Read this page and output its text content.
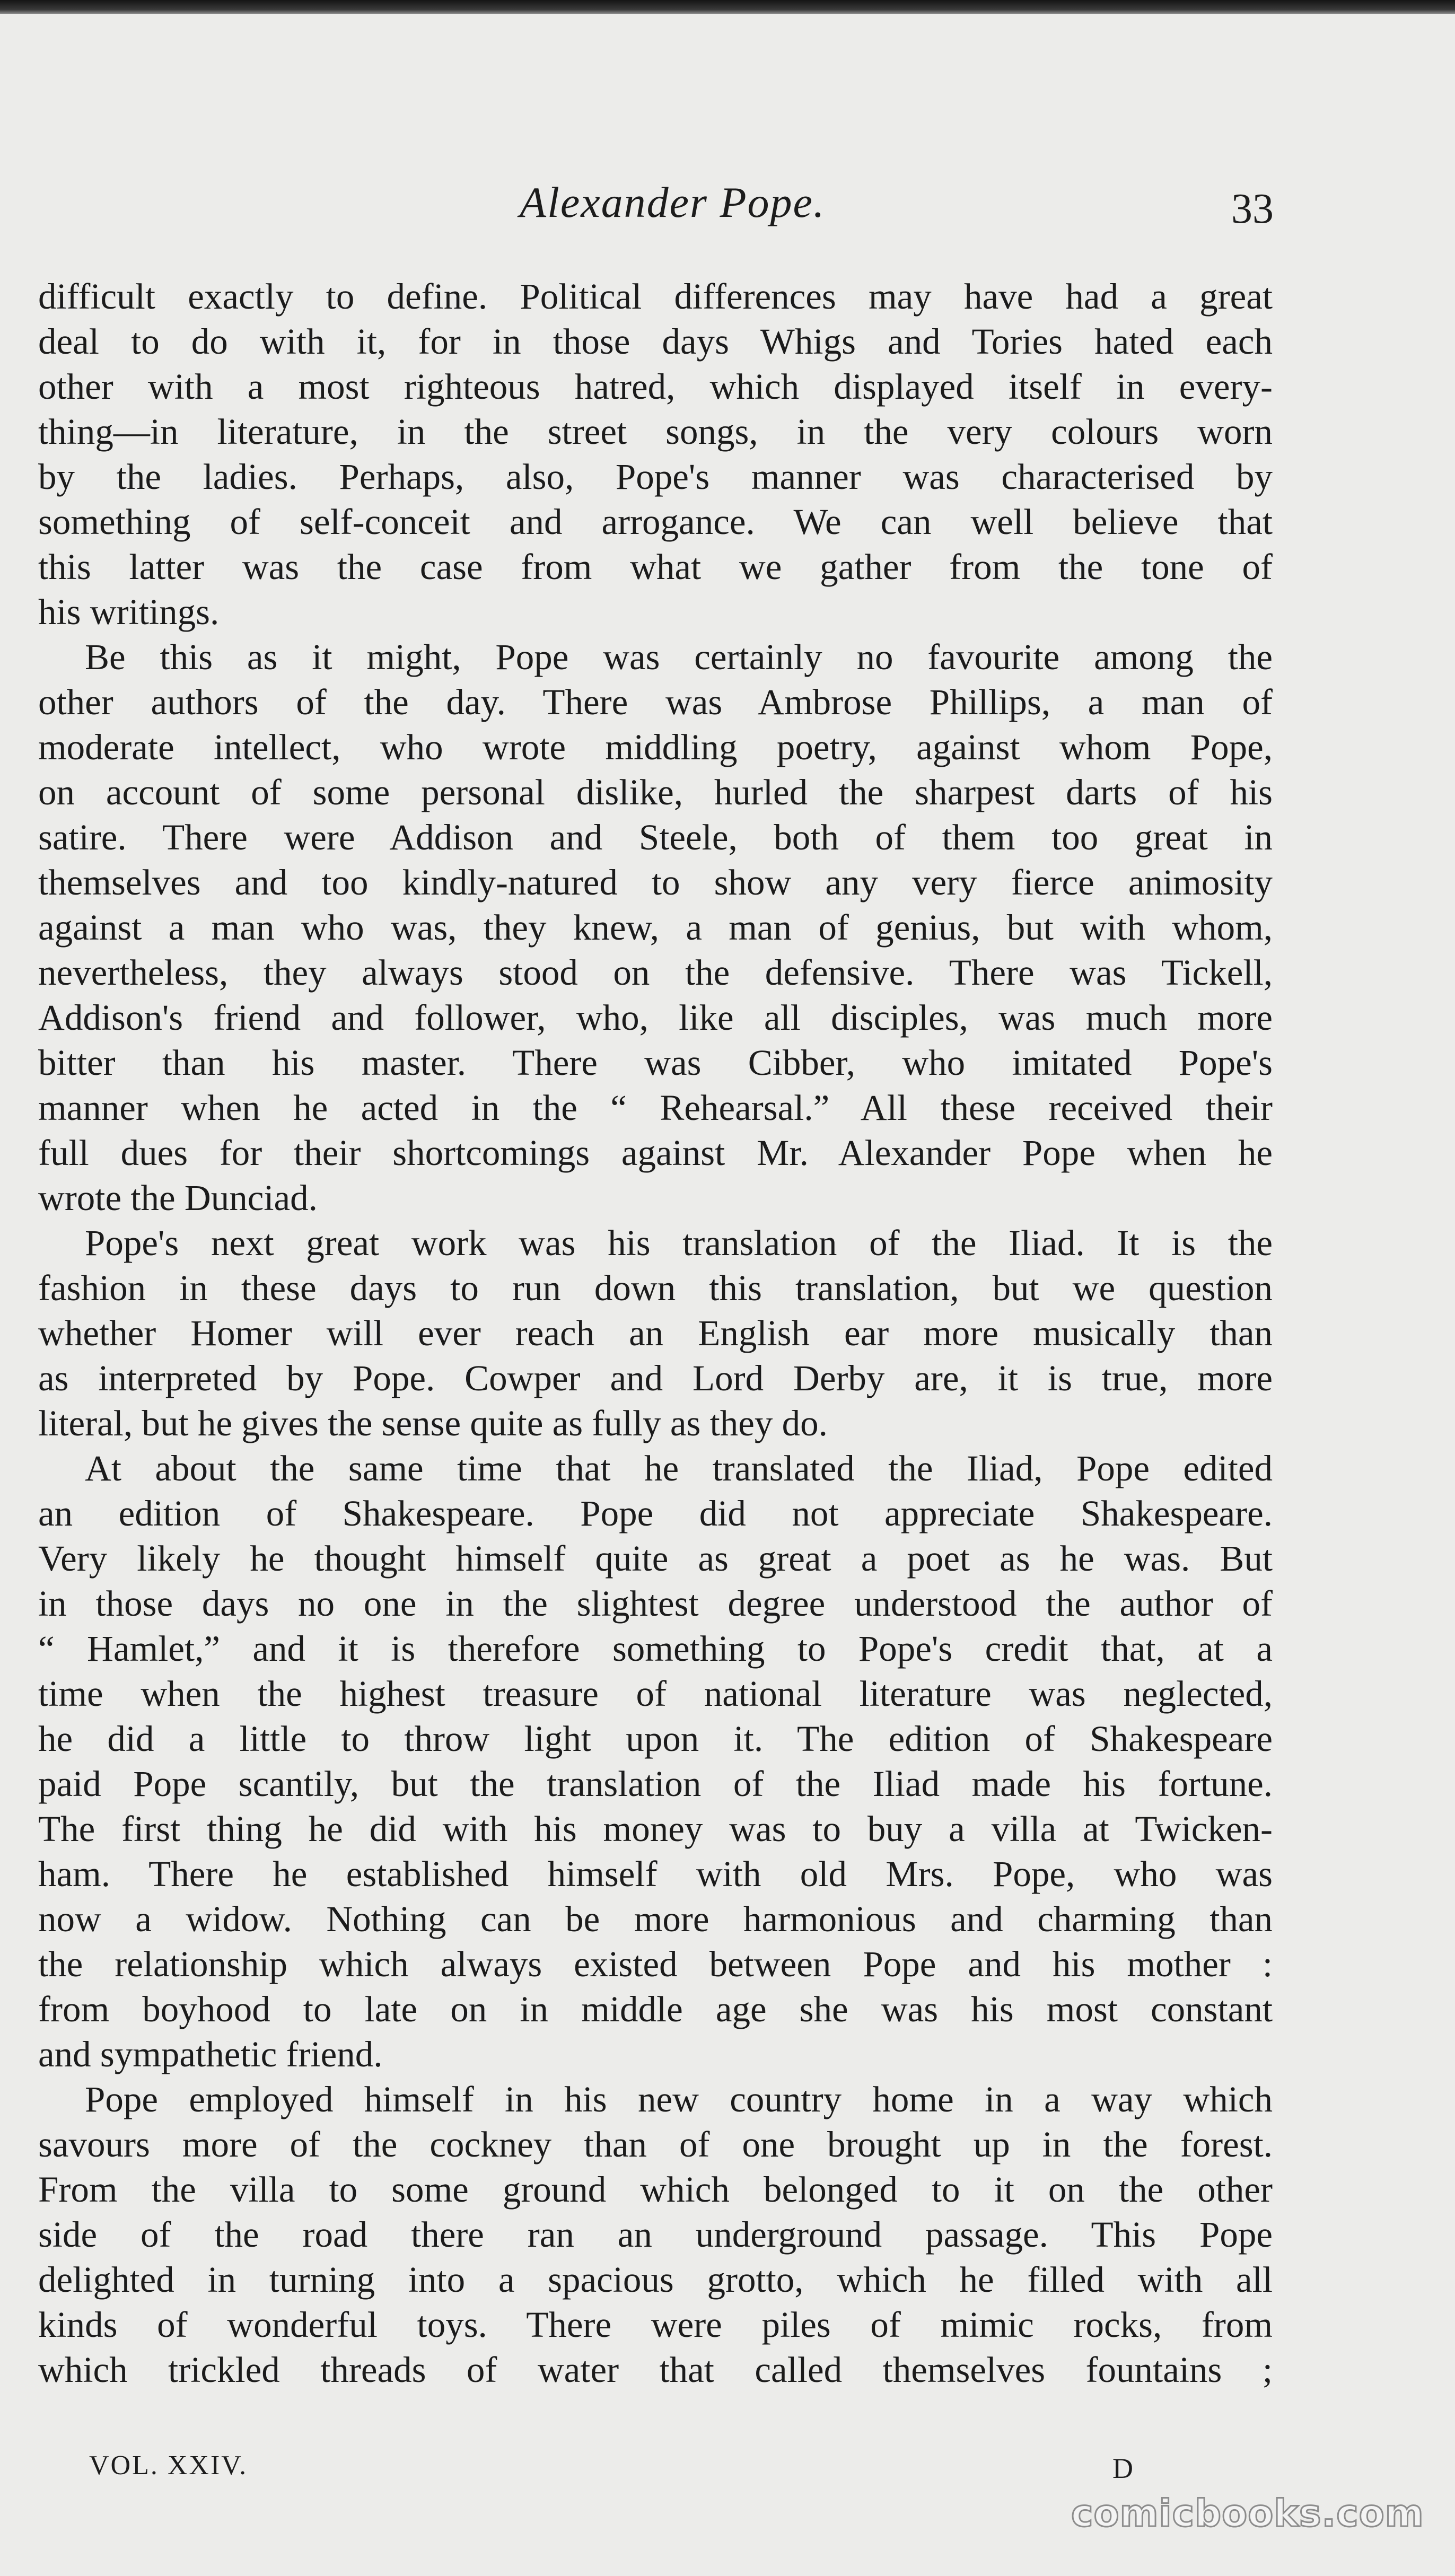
Alexander Pope.	33
difficult exactly to define. Political differences may have had a great
deal to do with it, for in those days Whigs and Tories hated each
other with a most righteous hatred, which displayed itself in every-
thing—in literature, in the street songs, in the very colours worn
by the ladies. Perhaps, also, Pope's manner was characterised by
something of self-conceit and arrogance. We can well believe that
this latter was the case from what we gather from the tone of
his writings.
Be this as it might, Pope was certainly no favourite among the
other authors of the day. There was Ambrose Phillips, a man of
moderate intellect, who wrote middling poetry, against whom Pope,
on account of some personal dislike, hurled the sharpest darts of his
satire. There were Addison and Steele, both of them too great in
themselves and too kindly-natured to show any very fierce animosity
against a man who was, they knew, a man of genius, but with whom,
nevertheless, they always stood on the defensive. There was Tickell,
Addison's friend and follower, who, like all disciples, was much more
bitter than his master. There was Cibber, who imitated Pope's
manner when he acted in the “ Rehearsal.” All these received their
full dues for their shortcomings against Mr. Alexander Pope when he
wrote the Dunciad.
Pope's next great work was his translation of the Iliad. It is the
fashion in these days to run down this translation, but we question
whether Homer will ever reach an English ear more musically than
as interpreted by Pope. Cowper and Lord Derby are, it is true, more
literal, but he gives the sense quite as fully as they do.
At about the same time that he translated the Iliad, Pope edited
an edition of Shakespeare. Pope did not appreciate Shakespeare.
Very likely he thought himself quite as great a poet as he was. But
in those days no one in the slightest degree understood the author of
“ Hamlet,” and it is therefore something to Pope's credit that, at a
time when the highest treasure of national literature was neglected,
he did a little to throw light upon it. The edition of Shakespeare
paid Pope scantily, but the translation of the Iliad made his fortune.
The first thing he did with his money was to buy a villa at Twicken-
ham. There he established himself with old Mrs. Pope, who was
now a widow. Nothing can be more harmonious and charming than
the relationship which always existed between Pope and his mother :
from boyhood to late on in middle age she was his most constant
and sympathetic friend.
Pope employed himself in his new country home in a way which
savours more of the cockney than of one brought up in the forest.
From the villa to some ground which belonged to it on the other
side of the road there ran an underground passage. This Pope
delighted in turning into a spacious grotto, which he filled with all
kinds of wonderful toys. There were piles of mimic rocks, from
which trickled threads of water that called themselves fountains ;
VOL. XXIV.	D
comicbooks.com
